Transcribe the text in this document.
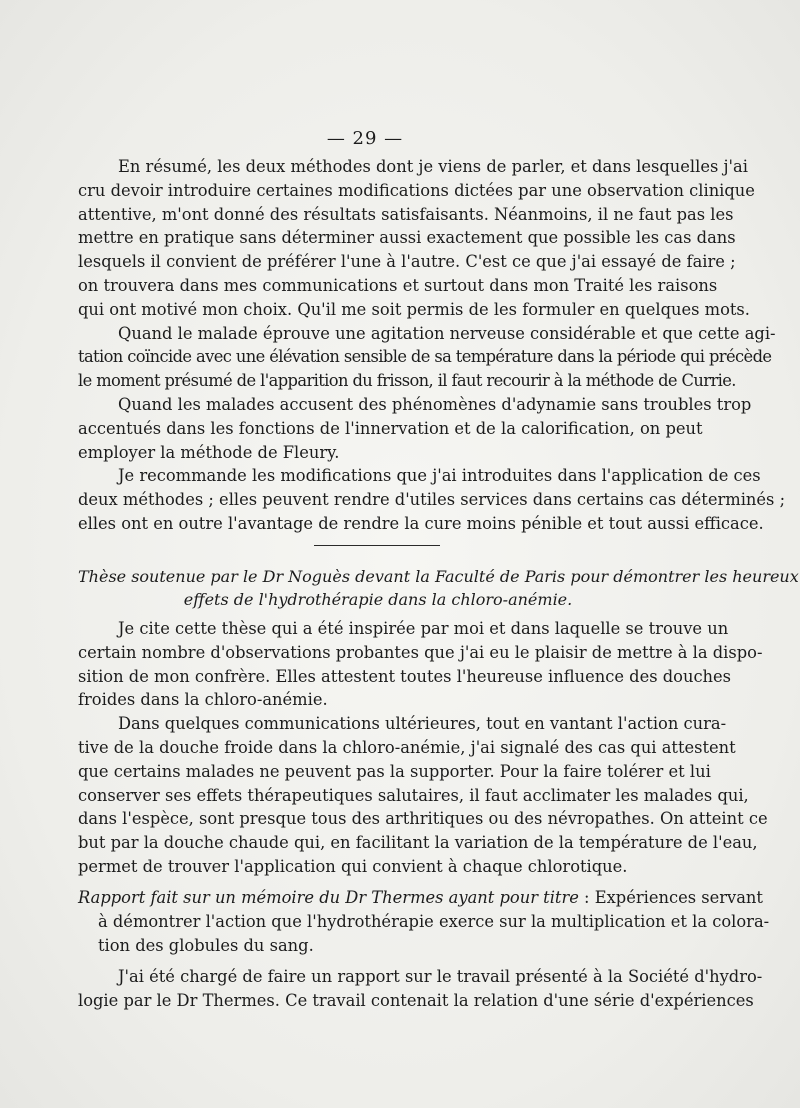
— 29 —
En résumé, les deux méthodes dont je viens de parler, et dans lesquelles j'ai
cru devoir introduire certaines modifications dictées par une observation clinique
attentive, m'ont donné des résultats satisfaisants. Néanmoins, il ne faut pas les
mettre en pratique sans déterminer aussi exactement que possible les cas dans
lesquels il convient de préférer l'une à l'autre. C'est ce que j'ai essayé de faire ;
on trouvera dans mes communications et surtout dans mon Traité les raisons
qui ont motivé mon choix. Qu'il me soit permis de les formuler en quelques mots.
Quand le malade éprouve une agitation nerveuse considérable et que cette agi-
tation coïncide avec une élévation sensible de sa température dans la période qui précède
le moment présumé de l'apparition du frisson, il faut recourir à la méthode de Currie.
Quand les malades accusent des phénomènes d'adynamie sans troubles trop
accentués dans les fonctions de l'innervation et de la calorification, on peut
employer la méthode de Fleury.
Je recommande les modifications que j'ai introduites dans l'application de ces
deux méthodes ; elles peuvent rendre d'utiles services dans certains cas déterminés ;
elles ont en outre l'avantage de rendre la cure moins pénible et tout aussi efficace.
Thèse soutenue par le Dr Noguès devant la Faculté de Paris pour démontrer les heureux
effets de l'hydrothérapie dans la chloro-anémie.
Je cite cette thèse qui a été inspirée par moi et dans laquelle se trouve un
certain nombre d'observations probantes que j'ai eu le plaisir de mettre à la dispo-
sition de mon confrère. Elles attestent toutes l'heureuse influence des douches
froides dans la chloro-anémie.
Dans quelques communications ultérieures, tout en vantant l'action cura-
tive de la douche froide dans la chloro-anémie, j'ai signalé des cas qui attestent
que certains malades ne peuvent pas la supporter. Pour la faire tolérer et lui
conserver ses effets thérapeutiques salutaires, il faut acclimater les malades qui,
dans l'espèce, sont presque tous des arthritiques ou des névropathes. On atteint ce
but par la douche chaude qui, en facilitant la variation de la température de l'eau,
permet de trouver l'application qui convient à chaque chlorotique.
Rapport fait sur un mémoire du Dr Thermes ayant pour titre : Expériences servant
à démontrer l'action que l'hydrothérapie exerce sur la multiplication et la colora-
tion des globules du sang.
J'ai été chargé de faire un rapport sur le travail présenté à la Société d'hydro-
logie par le Dr Thermes. Ce travail contenait la relation d'une série d'expériences
